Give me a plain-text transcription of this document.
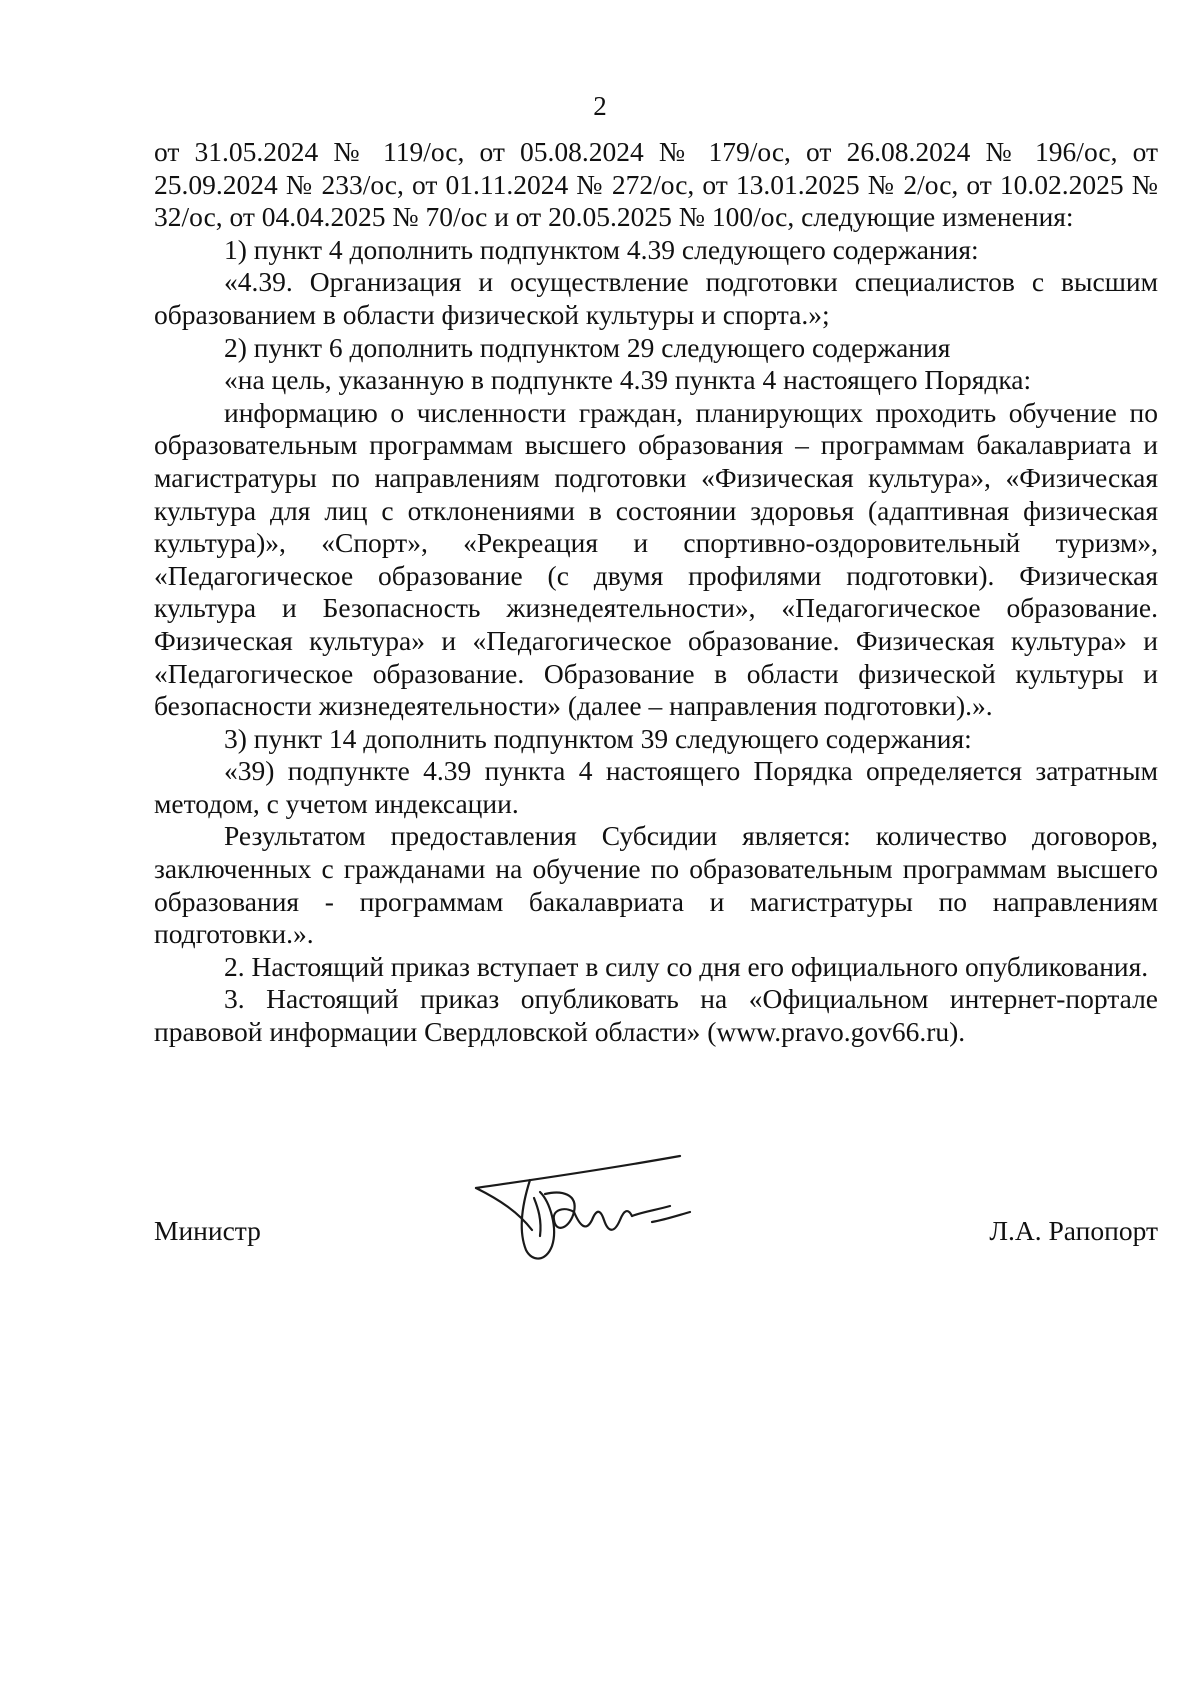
2

от 31.05.2024 № 119/ос, от 05.08.2024 № 179/ос, от 26.08.2024 № 196/ос, от 25.09.2024 № 233/ос, от 01.11.2024 № 272/ос, от 13.01.2025 № 2/ос, от 10.02.2025 № 32/ос, от 04.04.2025 № 70/ос и от 20.05.2025 № 100/ос, следующие изменения:

1) пункт 4 дополнить подпунктом 4.39 следующего содержания:

«4.39. Организация и осуществление подготовки специалистов с высшим образованием в области физической культуры и спорта.»;

2) пункт 6 дополнить подпунктом 29 следующего содержания

«на цель, указанную в подпункте 4.39 пункта 4 настоящего Порядка:

информацию о численности граждан, планирующих проходить обучение по образовательным программам высшего образования – программам бакалавриата и магистратуры по направлениям подготовки «Физическая культура», «Физическая культура для лиц с отклонениями в состоянии здоровья (адаптивная физическая культура)», «Спорт», «Рекреация и спортивно-оздоровительный туризм», «Педагогическое образование (с двумя профилями подготовки). Физическая культура и Безопасность жизнедеятельности», «Педагогическое образование. Физическая культура» и «Педагогическое образование. Физическая культура» и «Педагогическое образование. Образование в области физической культуры и безопасности жизнедеятельности» (далее – направления подготовки).».

3) пункт 14 дополнить подпунктом 39 следующего содержания:

«39) подпункте 4.39 пункта 4 настоящего Порядка определяется затратным методом, с учетом индексации.

Результатом предоставления Субсидии является: количество договоров, заключенных с гражданами на обучение по образовательным программам высшего образования - программам бакалавриата и магистратуры по направлениям подготовки.».

2. Настоящий приказ вступает в силу со дня его официального опубликования.

3. Настоящий приказ опубликовать на «Официальном интернет-портале правовой информации Свердловской области» (www.pravo.gov66.ru).

Министр	Л.А. Рапопорт
